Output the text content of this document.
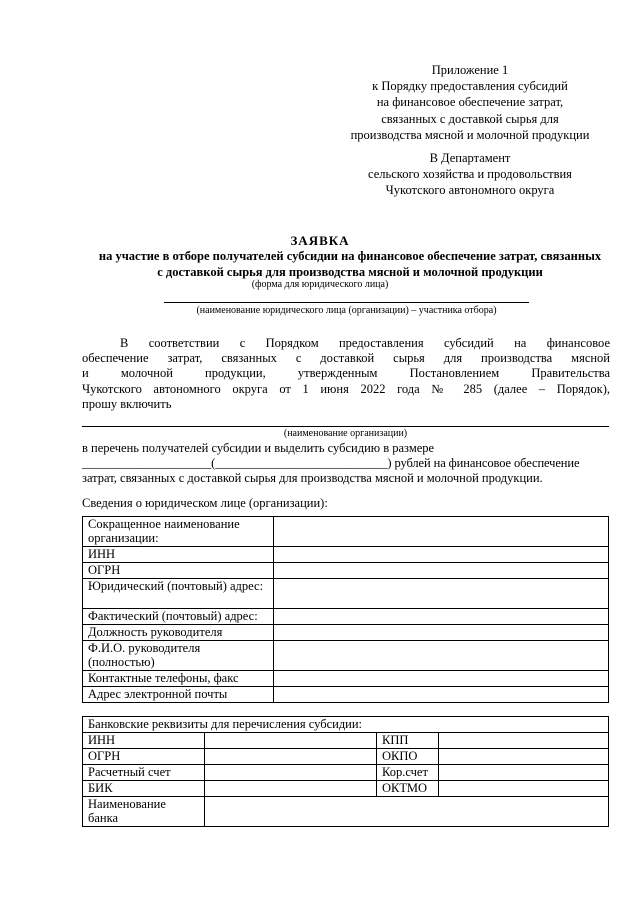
Приложение 1
к Порядку предоставления субсидий
на финансовое обеспечение затрат,
связанных с доставкой сырья для
производства мясной и молочной продукции
В Департамент
сельского хозяйства и продовольствия
Чукотского автономного округа
ЗАЯВКА
на участие в отборе получателей субсидии на финансовое обеспечение затрат, связанных
с доставкой сырья для производства мясной и молочной продукции
(форма для юридического лица)
(наименование юридического лица (организации) – участника отбора)
В соответствии с Порядком предоставления субсидий на финансовое
обеспечение затрат, связанных с доставкой сырья для производства мясной
и молочной продукции, утвержденным Постановлением Правительства
Чукотского автономного округа от 1 июня 2022 года № 285 (далее – Порядок),
прошу включить
(наименование организации)
в перечень получателей субсидии и выделить субсидию в размере
_____________________(____________________________) рублей на финансовое обеспечение
затрат, связанных с доставкой сырья для производства мясной и молочной продукции.
Сведения о юридическом лице (организации):
Сокращенное наименование организации:	
ИНН	
ОГРН	
Юридический (почтовый) адрес:	
Фактический (почтовый) адрес:	
Должность руководителя	
Ф.И.О. руководителя (полностью)	
Контактные телефоны, факс	
Адрес электронной почты	
Банковские реквизиты для перечисления субсидии:			
ИНН		КПП	
ОГРН		ОКПО	
Расчетный счет		Кор.счет	
БИК		ОКТМО	
Наименование банка			
